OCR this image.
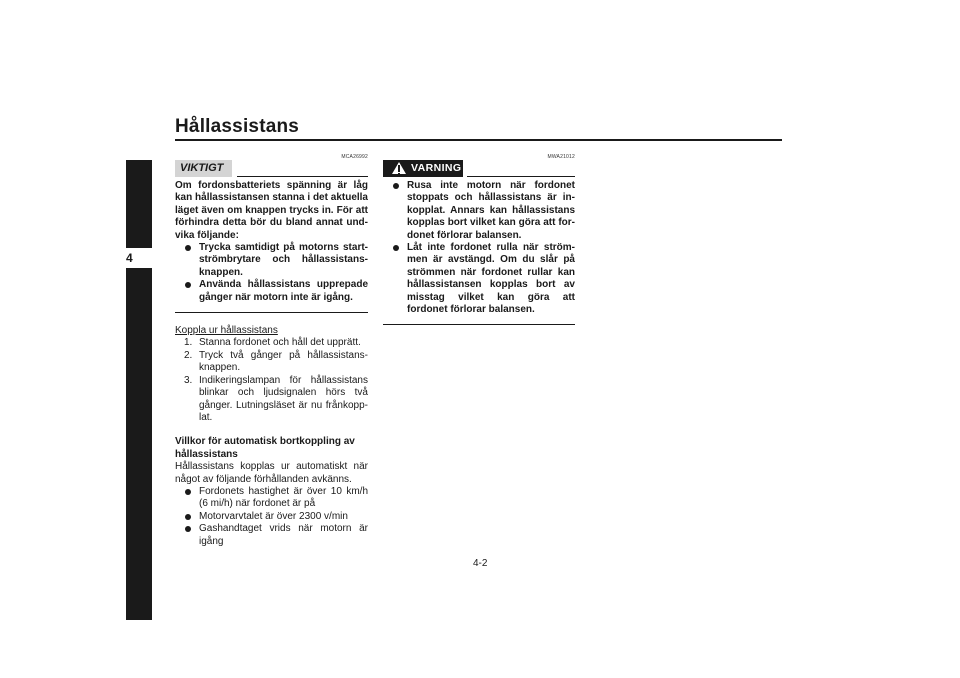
Hållassistans
4
MCA26992
VIKTIGT

Om fordonsbatteriets spänning är låg kan hållassistansen stanna i det aktuella läget även om knappen trycks in. För att förhindra detta bör du bland annat und-vika följande:

Trycka samtidigt på motorns start-strömbrytare och hållassistans-knappen.
Använda hållassistans upprepade gånger när motorn inte är igång.

Koppla ur hållassistans

1. Stanna fordonet och håll det upprätt.
2. Tryck två gånger på hållassistans-knappen.
3. Indikeringslampan för hållassistans blinkar och ljudsignalen hörs två gånger. Lutningsläset är nu frånkopp-lat.

Villkor för automatisk bortkoppling av hållassistans

Hållassistans kopplas ur automatiskt när något av följande förhållanden avkänns.

Fordonets hastighet är över 10 km/h (6 mi/h) när fordonet är på
Motorvarvtalet är över 2300 v/min
Gashandtaget vrids när motorn är igång
MWA21012
VARNING
Rusa inte motorn när fordonet stoppats och hållassistans är in-kopplat. Annars kan hållassistans kopplas bort vilket kan göra att for-donet förlorar balansen.
Låt inte fordonet rulla när ström-men är avstängd. Om du slår på strömmen när fordonet rullar kan hållassistansen kopplas bort av misstag vilket kan göra att fordonet förlorar balansen.
4-2
